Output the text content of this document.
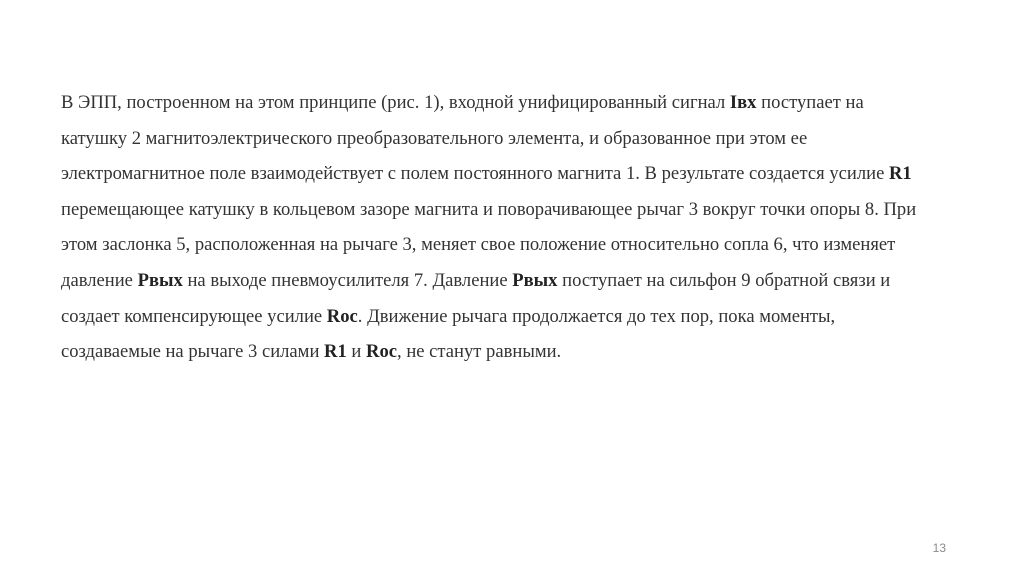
В ЭПП, построенном на этом принципе (рис. 1), входной унифицированный сигнал Iвх поступает на
катушку 2 магнитоэлектрического преобразовательного элемента, и образованное при этом ее
электромагнитное поле взаимодействует с полем постоянного магнита 1. В результате создается усилие R1
перемещающее катушку в кольцевом зазоре магнита и поворачивающее рычаг 3 вокруг точки опоры 8. При
этом заслонка 5, расположенная на рычаге 3, меняет свое положение относительно сопла 6, что изменяет
давление Рвых на выходе пневмоусилителя 7. Давление Рвых поступает на сильфон 9 обратной связи и
создает компенсирующее усилие Rос. Движение рычага продолжается до тех пор, пока моменты,
создаваемые на рычаге 3 силами R1 и Rос, не станут равными.

13
